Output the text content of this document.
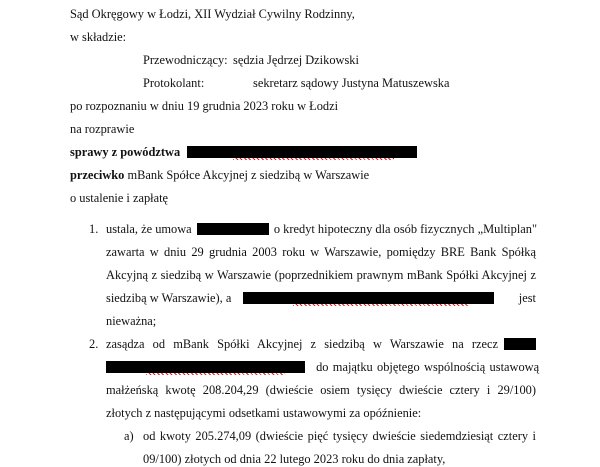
Sąd Okręgowy w Łodzi, XII Wydział Cywilny Rodzinny,
w składzie:
Przewodniczący: sędzia Jędrzej Dzikowski
Protokolant:	sekretarz sądowy Justyna Matuszewska
po rozpoznaniu w dniu 19 grudnia 2023 roku w Łodzi
na rozprawie
sprawy z powództwa
przeciwko mBank Spółce Akcyjnej z siedzibą w Warszawie
o ustalenie i zapłatę
1. ustala, że umowa	o kredyt hipoteczny dla osób fizycznych „Multiplan"
zawarta w dniu 29 grudnia 2003 roku w Warszawie, pomiędzy BRE Bank Spółką
Akcyjną z siedzibą w Warszawie (poprzednikiem prawnym mBank Spółki Akcyjnej z
siedzibą w Warszawie), a	jest
nieważna;
2. zasądza od mBank Spółki Akcyjnej z siedzibą w Warszawie na rzecz
do majątku objętego wspólnością ustawową
małżeńską kwotę 208.204,29 (dwieście osiem tysięcy dwieście cztery i 29/100)
złotych z następującymi odsetkami ustawowymi za opóźnienie:
a) od kwoty 205.274,09 (dwieście pięć tysięcy dwieście siedemdziesiąt cztery i
09/100) złotych od dnia 22 lutego 2023 roku do dnia zapłaty,
